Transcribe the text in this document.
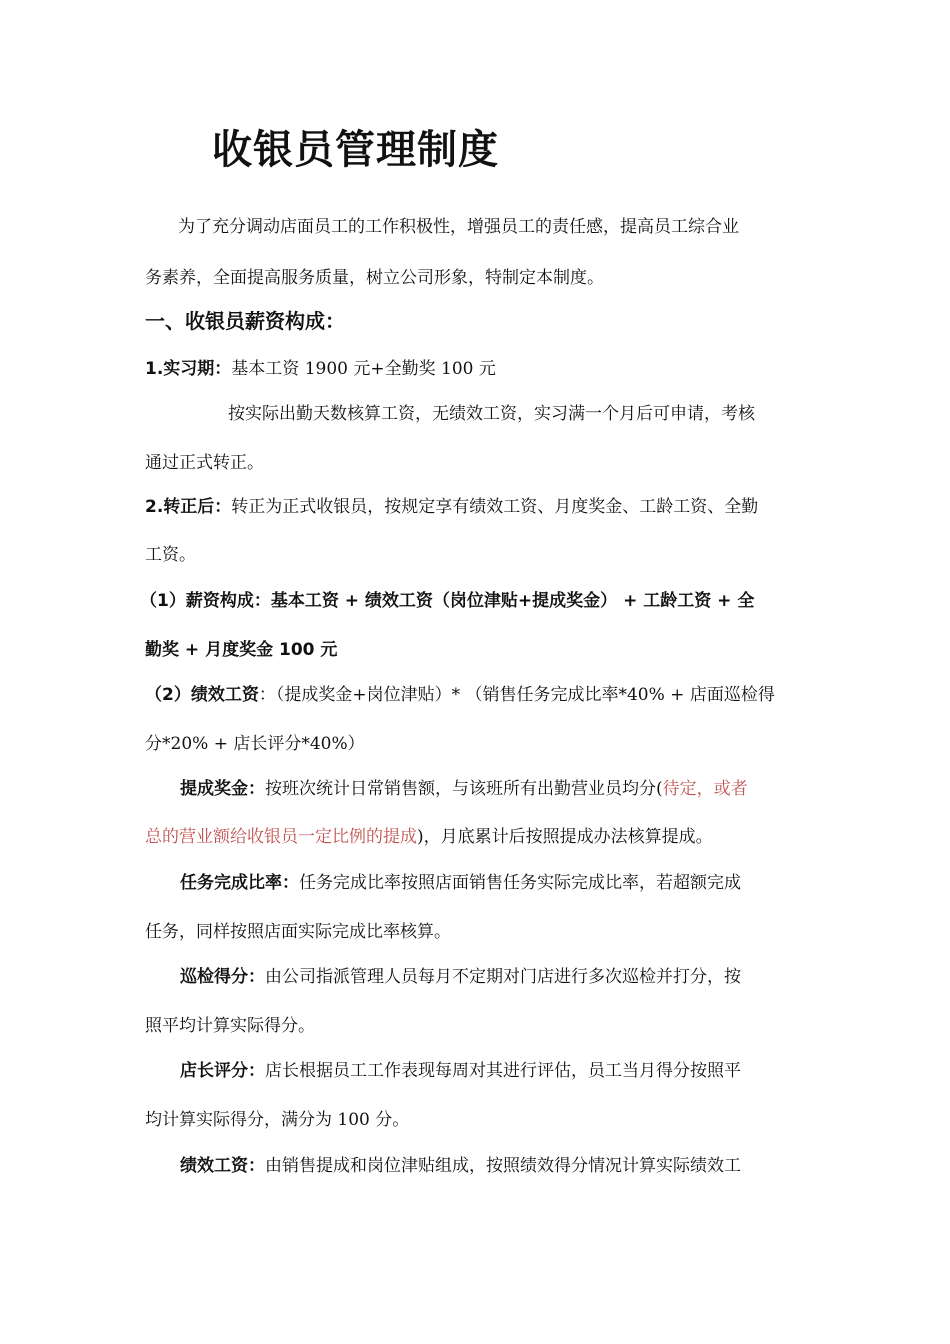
收银员管理制度
为了充分调动店面员工的工作积极性，增强员工的责任感，提高员工综合业
务素养，全面提高服务质量，树立公司形象，特制定本制度。
一、收银员薪资构成：
1.实习期：基本工资 1900 元+全勤奖 100 元
按实际出勤天数核算工资，无绩效工资，实习满一个月后可申请，考核
通过正式转正。
2.转正后：转正为正式收银员，按规定享有绩效工资、月度奖金、工龄工资、全勤
工资。
（1）薪资构成：基本工资 + 绩效工资（岗位津贴+提成奖金） + 工龄工资 + 全
勤奖 + 月度奖金 100 元
（2）绩效工资：（提成奖金+岗位津贴）* （销售任务完成比率*40% + 店面巡检得
分*20% + 店长评分*40%）
提成奖金：按班次统计日常销售额，与该班所有出勤营业员均分(待定，或者
总的营业额给收银员一定比例的提成)，月底累计后按照提成办法核算提成。
任务完成比率：任务完成比率按照店面销售任务实际完成比率，若超额完成
任务，同样按照店面实际完成比率核算。
巡检得分：由公司指派管理人员每月不定期对门店进行多次巡检并打分，按
照平均计算实际得分。
店长评分：店长根据员工工作表现每周对其进行评估，员工当月得分按照平
均计算实际得分，满分为 100 分。
绩效工资：由销售提成和岗位津贴组成，按照绩效得分情况计算实际绩效工
